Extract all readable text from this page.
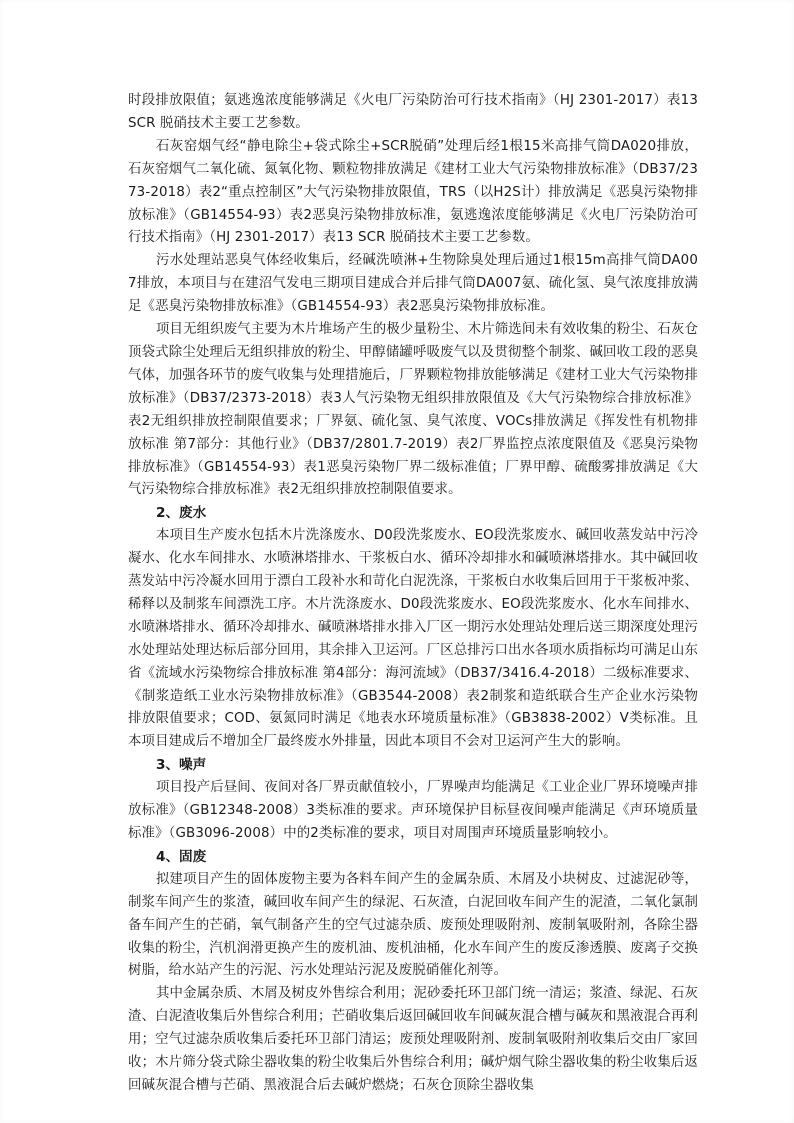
时段排放限值；氨逃逸浓度能够满足《火电厂污染防治可行技术指南》（HJ 2301-2017）表13 SCR 脱硝技术主要工艺参数。

石灰窑烟气经“静电除尘+袋式除尘+SCR脱硝”处理后经1根15米高排气筒DA020排放，石灰窑烟气二氧化硫、氮氧化物、颗粒物排放满足《建材工业大气污染物排放标准》（DB37/2373-2018）表2“重点控制区”大气污染物排放限值，TRS（以H2S计）排放满足《恶臭污染物排放标准》（GB14554-93）表2恶臭污染物排放标准，氨逃逸浓度能够满足《火电厂污染防治可行技术指南》（HJ 2301-2017）表13 SCR 脱硝技术主要工艺参数。

污水处理站恶臭气体经收集后，经碱洗喷淋+生物除臭处理后通过1根15m高排气筒DA007排放，本项目与在建沼气发电三期项目建成合并后排气筒DA007氨、硫化氢、臭气浓度排放满足《恶臭污染物排放标准》（GB14554-93）表2恶臭污染物排放标准。

项目无组织废气主要为木片堆场产生的极少量粉尘、木片筛选间未有效收集的粉尘、石灰仓顶袋式除尘处理后无组织排放的粉尘、甲醇储罐呼吸废气以及贯彻整个制浆、碱回收工段的恶臭气体，加强各环节的废气收集与处理措施后，厂界颗粒物排放能够满足《建材工业大气污染物排放标准》（DB37/2373-2018）表3人气污染物无组织排放限值及《大气污染物综合排放标准》表2无组织排放控制限值要求；厂界氨、硫化氢、臭气浓度、VOCs排放满足《挥发性有机物排放标准 第7部分：其他行业》（DB37/2801.7-2019）表2厂界监控点浓度限值及《恶臭污染物排放标准》（GB14554-93）表1恶臭污染物厂界二级标准值；厂界甲醇、硫酸雾排放满足《大气污染物综合排放标准》表2无组织排放控制限值要求。

2、废水

本项目生产废水包括木片洗涤废水、D0段洗浆废水、EO段洗浆废水、碱回收蒸发站中污冷凝水、化水车间排水、水喷淋塔排水、干浆板白水、循环冷却排水和碱喷淋塔排水。其中碱回收蒸发站中污冷凝水回用于漂白工段补水和苛化白泥洗涤，干浆板白水收集后回用于干浆板冲浆、稀释以及制浆车间漂洗工序。木片洗涤废水、D0段洗浆废水、EO段洗浆废水、化水车间排水、水喷淋塔排水、循环冷却排水、碱喷淋塔排水排入厂区一期污水处理站处理后送三期深度处理污水处理站处理达标后部分回用，其余排入卫运河。厂区总排污口出水各项水质指标均可满足山东省《流域水污染物综合排放标准 第4部分：海河流域》（DB37/3416.4-2018）二级标准要求、《制浆造纸工业水污染物排放标准》（GB3544-2008）表2制浆和造纸联合生产企业水污染物排放限值要求；COD、氨氮同时满足《地表水环境质量标准》（GB3838-2002）V类标准。且本项目建成后不增加全厂最终废水外排量，因此本项目不会对卫运河产生大的影响。

3、噪声

项目投产后昼间、夜间对各厂界贡献值较小，厂界噪声均能满足《工业企业厂界环境噪声排放标准》（GB12348-2008）3类标准的要求。声环境保护目标昼夜间噪声能满足《声环境质量标准》（GB3096-2008）中的2类标准的要求，项目对周围声环境质量影响较小。

4、固废

拟建项目产生的固体废物主要为各料车间产生的金属杂质、木屑及小块树皮、过滤泥砂等，制浆车间产生的浆渣，碱回收车间产生的绿泥、石灰渣，白泥回收车间产生的泥渣，二氧化氯制备车间产生的芒硝，氧气制备产生的空气过滤杂质、废预处理吸附剂、废制氧吸附剂，各除尘器收集的粉尘，汽机润滑更换产生的废机油、废机油桶，化水车间产生的废反渗透膜、废离子交换树脂，给水站产生的污泥、污水处理站污泥及废脱硝催化剂等。

其中金属杂质、木屑及树皮外售综合利用；泥砂委托环卫部门统一清运；浆渣、绿泥、石灰渣、白泥渣收集后外售综合利用；芒硝收集后返回碱回收车间碱灰混合槽与碱灰和黑液混合再利用；空气过滤杂质收集后委托环卫部门清运；废预处理吸附剂、废制氧吸附剂收集后交由厂家回收；木片筛分袋式除尘器收集的粉尘收集后外售综合利用；碱炉烟气除尘器收集的粉尘收集后返回碱灰混合槽与芒硝、黑液混合后去碱炉燃烧；石灰仓顶除尘器收集
